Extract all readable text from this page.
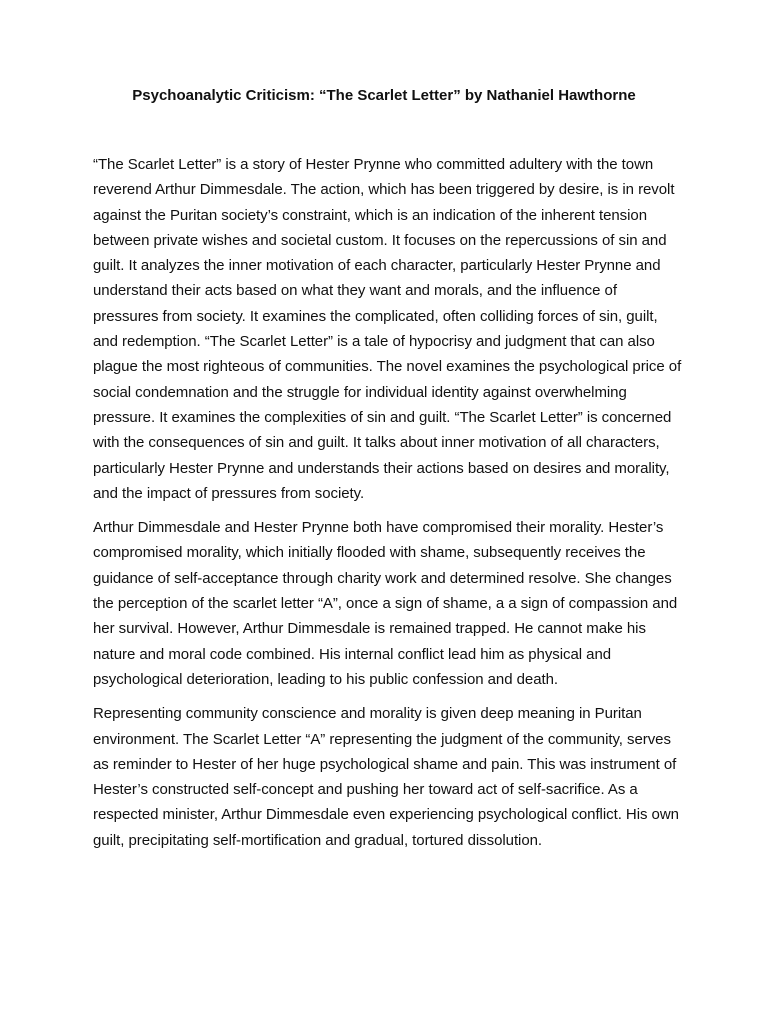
Psychoanalytic Criticism: “The Scarlet Letter” by Nathaniel Hawthorne

“The Scarlet Letter” is a story of Hester Prynne who committed adultery with the town reverend Arthur Dimmesdale. The action, which has been triggered by desire, is in revolt against the Puritan society’s constraint, which is an indication of the inherent tension between private wishes and societal custom. It focuses on the repercussions of sin and guilt. It analyzes the inner motivation of each character, particularly Hester Prynne and understand their acts based on what they want and morals, and the influence of pressures from society. It examines the complicated, often colliding forces of sin, guilt, and redemption. “The Scarlet Letter” is a tale of hypocrisy and judgment that can also plague the most righteous of communities. The novel examines the psychological price of social condemnation and the struggle for individual identity against overwhelming pressure. It examines the complexities of sin and guilt. “The Scarlet Letter” is concerned with the consequences of sin and guilt. It talks about inner motivation of all characters, particularly Hester Prynne and understands their actions based on desires and morality, and the impact of pressures from society.

Arthur Dimmesdale and Hester Prynne both have compromised their morality. Hester’s compromised morality, which initially flooded with shame, subsequently receives the guidance of self-acceptance through charity work and determined resolve. She changes the perception of the scarlet letter “A”, once a sign of shame, a a sign of compassion and her survival. However, Arthur Dimmesdale is remained trapped. He cannot make his nature and moral code combined. His internal conflict lead him as physical and psychological deterioration, leading to his public confession and death.

Representing community conscience and morality is given deep meaning in Puritan environment. The Scarlet Letter “A” representing the judgment of the community, serves as reminder to Hester of her huge psychological shame and pain. This was instrument of Hester’s constructed self-concept and pushing her toward act of self-sacrifice. As a respected minister, Arthur Dimmesdale even experiencing psychological conflict. His own guilt, precipitating self-mortification and gradual, tortured dissolution.
